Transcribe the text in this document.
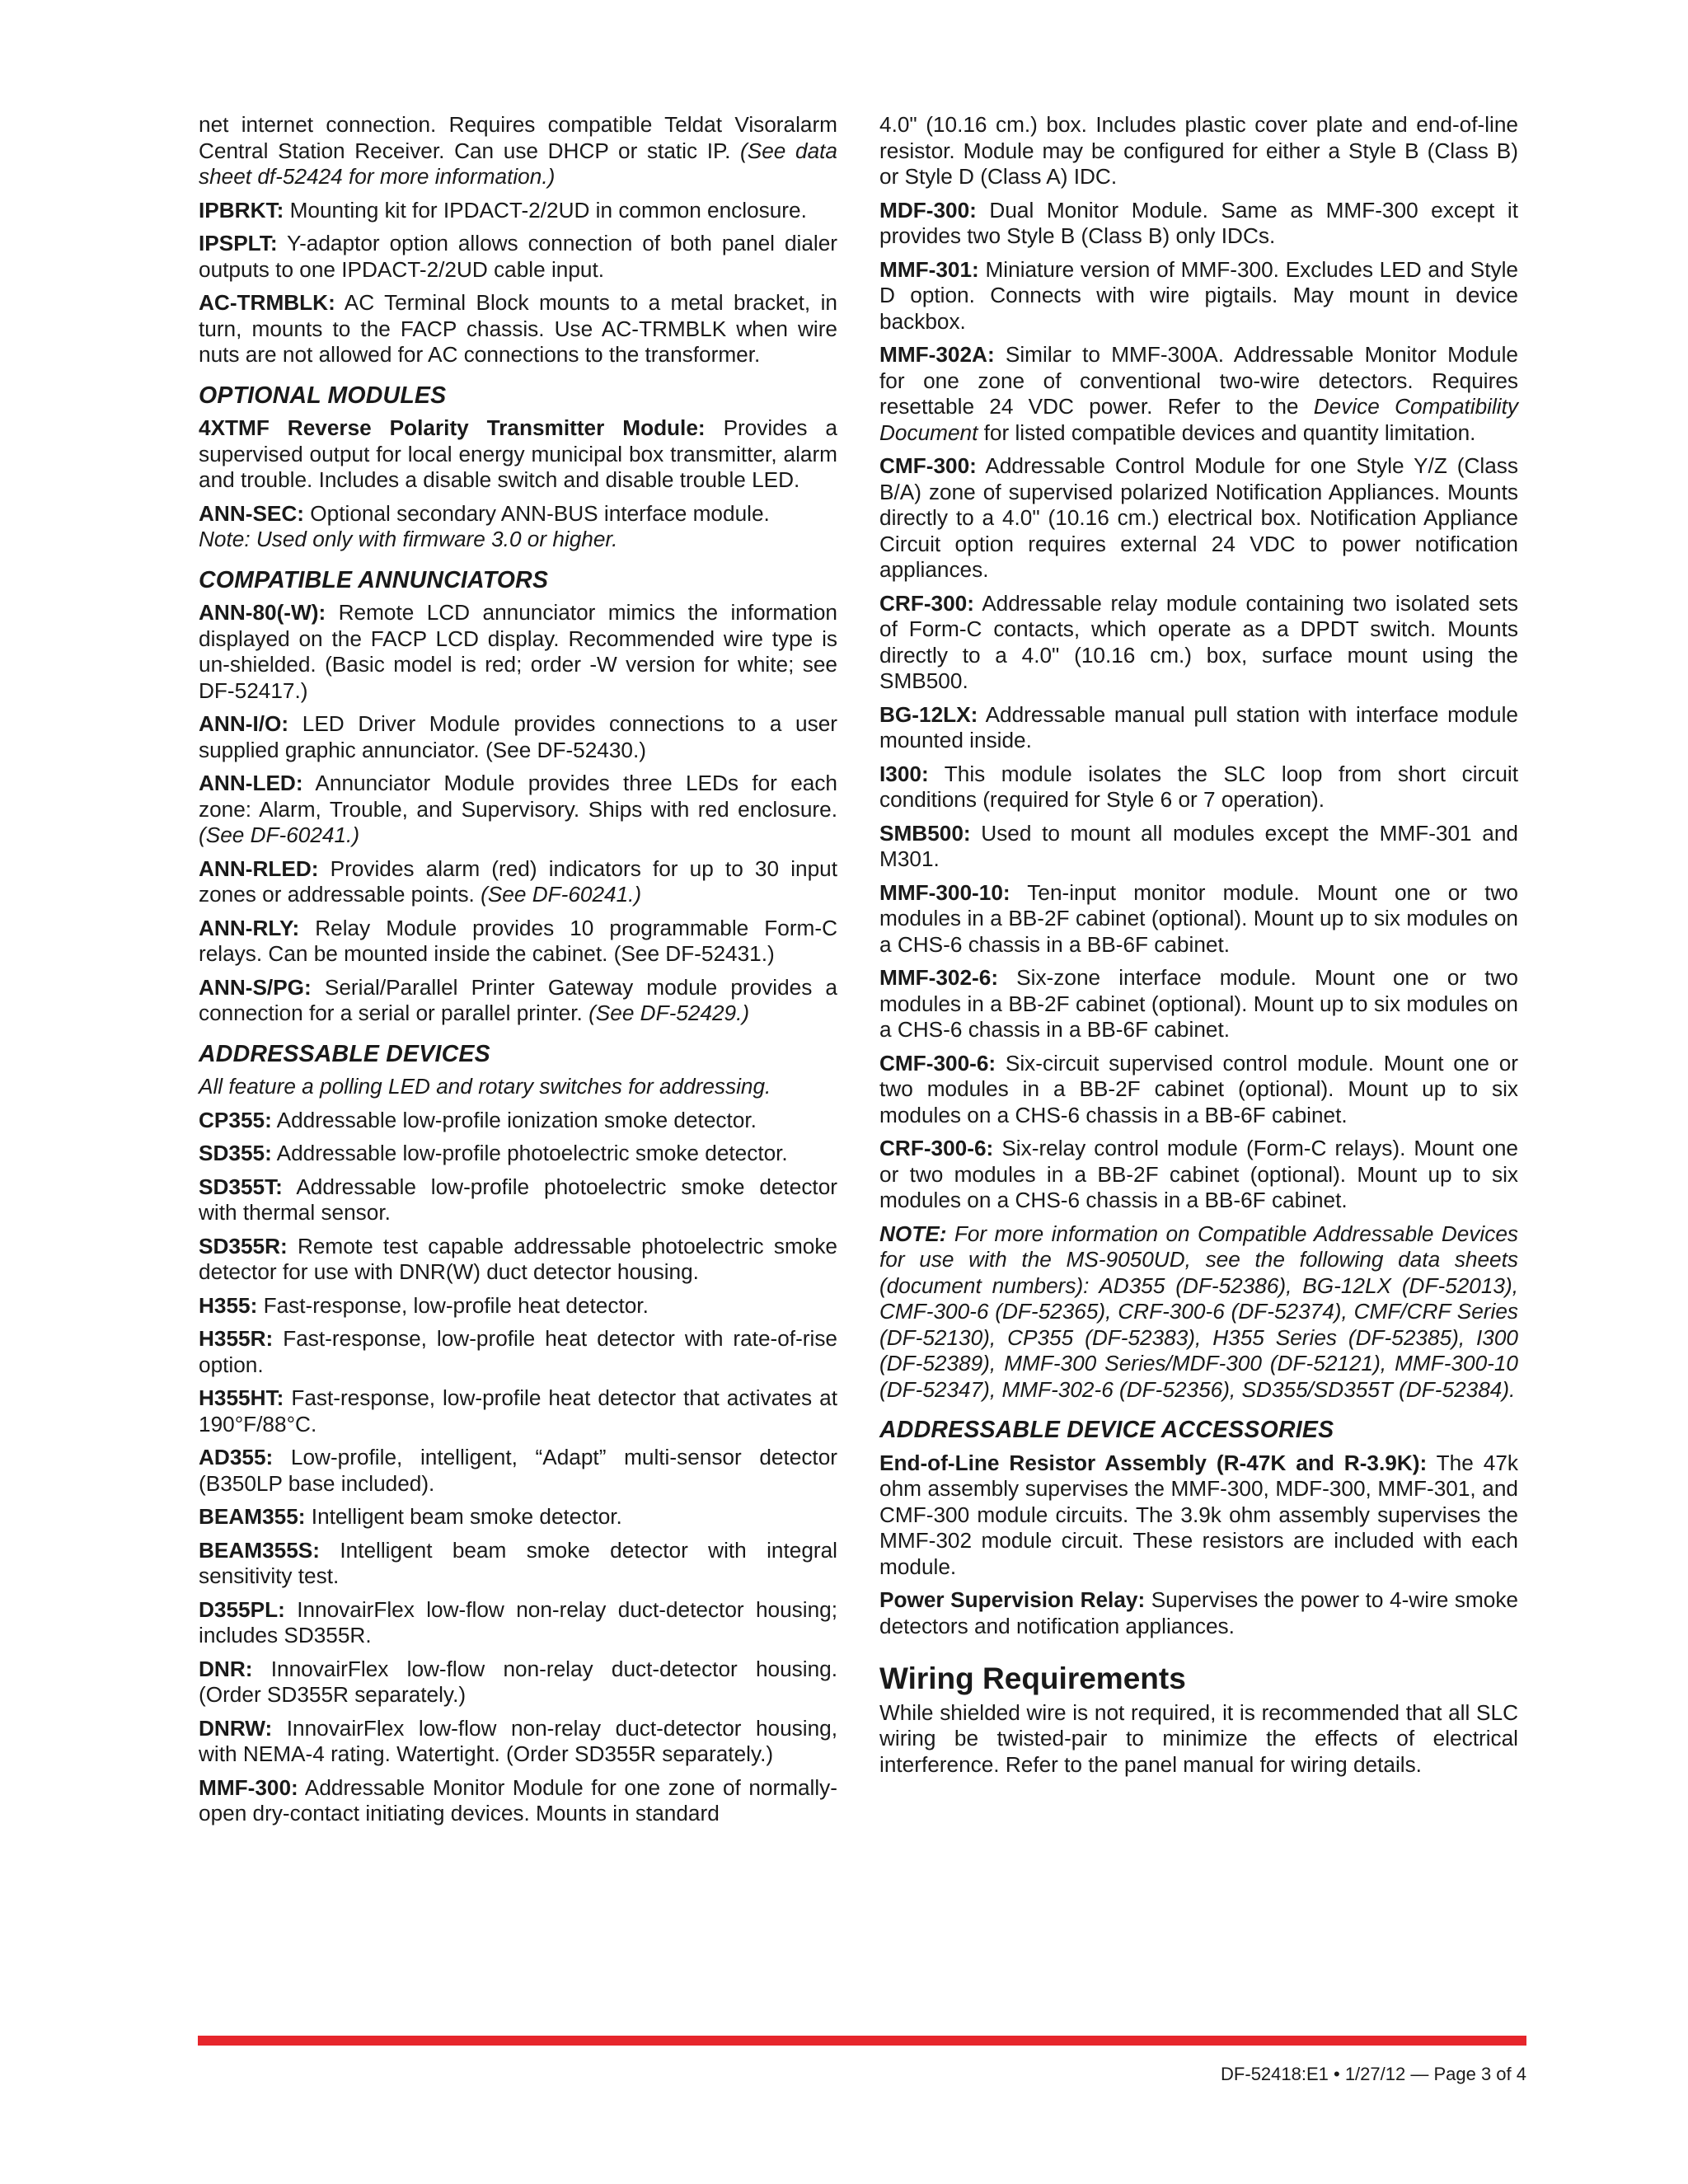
net internet connection. Requires compatible Teldat Visoralarm Central Station Receiver. Can use DHCP or static IP. (See data sheet df-52424 for more information.)

IPBRKT: Mounting kit for IPDACT-2/2UD in common enclosure.

IPSPLT: Y-adaptor option allows connection of both panel dialer outputs to one IPDACT-2/2UD cable input.

AC-TRMBLK: AC Terminal Block mounts to a metal bracket, in turn, mounts to the FACP chassis. Use AC-TRMBLK when wire nuts are not allowed for AC connections to the transformer.

OPTIONAL MODULES

4XTMF Reverse Polarity Transmitter Module: Provides a supervised output for local energy municipal box transmitter, alarm and trouble. Includes a disable switch and disable trouble LED.

ANN-SEC: Optional secondary ANN-BUS interface module.
Note: Used only with firmware 3.0 or higher.

COMPATIBLE ANNUNCIATORS

ANN-80(-W): Remote LCD annunciator mimics the information displayed on the FACP LCD display. Recommended wire type is un-shielded. (Basic model is red; order -W version for white; see DF-52417.)

ANN-I/O: LED Driver Module provides connections to a user supplied graphic annunciator. (See DF-52430.)

ANN-LED: Annunciator Module provides three LEDs for each zone: Alarm, Trouble, and Supervisory. Ships with red enclosure. (See DF-60241.)

ANN-RLED: Provides alarm (red) indicators for up to 30 input zones or addressable points. (See DF-60241.)

ANN-RLY: Relay Module provides 10 programmable Form-C relays. Can be mounted inside the cabinet. (See DF-52431.)

ANN-S/PG: Serial/Parallel Printer Gateway module provides a connection for a serial or parallel printer. (See DF-52429.)

ADDRESSABLE DEVICES

All feature a polling LED and rotary switches for addressing.

CP355: Addressable low-profile ionization smoke detector.

SD355: Addressable low-profile photoelectric smoke detector.

SD355T: Addressable low-profile photoelectric smoke detector with thermal sensor.

SD355R: Remote test capable addressable photoelectric smoke detector for use with DNR(W) duct detector housing.

H355: Fast-response, low-profile heat detector.

H355R: Fast-response, low-profile heat detector with rate-of-rise option.

H355HT: Fast-response, low-profile heat detector that activates at 190°F/88°C.

AD355: Low-profile, intelligent, “Adapt” multi-sensor detector (B350LP base included).

BEAM355: Intelligent beam smoke detector.

BEAM355S: Intelligent beam smoke detector with integral sensitivity test.

D355PL: InnovairFlex low-flow non-relay duct-detector housing; includes SD355R.

DNR: InnovairFlex low-flow non-relay duct-detector housing. (Order SD355R separately.)

DNRW: InnovairFlex low-flow non-relay duct-detector housing, with NEMA-4 rating. Watertight. (Order SD355R separately.)

MMF-300: Addressable Monitor Module for one zone of normally-open dry-contact initiating devices. Mounts in standard

4.0" (10.16 cm.) box. Includes plastic cover plate and end-of-line resistor. Module may be configured for either a Style B (Class B) or Style D (Class A) IDC.

MDF-300: Dual Monitor Module. Same as MMF-300 except it provides two Style B (Class B) only IDCs.

MMF-301: Miniature version of MMF-300. Excludes LED and Style D option. Connects with wire pigtails. May mount in device backbox.

MMF-302A: Similar to MMF-300A. Addressable Monitor Module for one zone of conventional two-wire detectors. Requires resettable 24 VDC power. Refer to the Device Compatibility Document for listed compatible devices and quantity limitation.

CMF-300: Addressable Control Module for one Style Y/Z (Class B/A) zone of supervised polarized Notification Appliances. Mounts directly to a 4.0" (10.16 cm.) electrical box. Notification Appliance Circuit option requires external 24 VDC to power notification appliances.

CRF-300: Addressable relay module containing two isolated sets of Form-C contacts, which operate as a DPDT switch. Mounts directly to a 4.0" (10.16 cm.) box, surface mount using the SMB500.

BG-12LX: Addressable manual pull station with interface module mounted inside.

I300: This module isolates the SLC loop from short circuit conditions (required for Style 6 or 7 operation).

SMB500: Used to mount all modules except the MMF-301 and M301.

MMF-300-10: Ten-input monitor module. Mount one or two modules in a BB-2F cabinet (optional). Mount up to six modules on a CHS-6 chassis in a BB-6F cabinet.

MMF-302-6: Six-zone interface module. Mount one or two modules in a BB-2F cabinet (optional). Mount up to six modules on a CHS-6 chassis in a BB-6F cabinet.

CMF-300-6: Six-circuit supervised control module. Mount one or two modules in a BB-2F cabinet (optional). Mount up to six modules on a CHS-6 chassis in a BB-6F cabinet.

CRF-300-6: Six-relay control module (Form-C relays). Mount one or two modules in a BB-2F cabinet (optional). Mount up to six modules on a CHS-6 chassis in a BB-6F cabinet.

NOTE: For more information on Compatible Addressable Devices for use with the MS-9050UD, see the following data sheets (document numbers): AD355 (DF-52386), BG-12LX (DF-52013), CMF-300-6 (DF-52365), CRF-300-6 (DF-52374), CMF/CRF Series (DF-52130), CP355 (DF-52383), H355 Series (DF-52385), I300 (DF-52389), MMF-300 Series/MDF-300 (DF-52121), MMF-300-10 (DF-52347), MMF-302-6 (DF-52356), SD355/SD355T (DF-52384).

ADDRESSABLE DEVICE ACCESSORIES

End-of-Line Resistor Assembly (R-47K and R-3.9K): The 47k ohm assembly supervises the MMF-300, MDF-300, MMF-301, and CMF-300 module circuits. The 3.9k ohm assembly supervises the MMF-302 module circuit. These resistors are included with each module.

Power Supervision Relay: Supervises the power to 4-wire smoke detectors and notification appliances.

Wiring Requirements

While shielded wire is not required, it is recommended that all SLC wiring be twisted-pair to minimize the effects of electrical interference. Refer to the panel manual for wiring details.

DF-52418:E1 • 1/27/12 — Page 3 of 4
